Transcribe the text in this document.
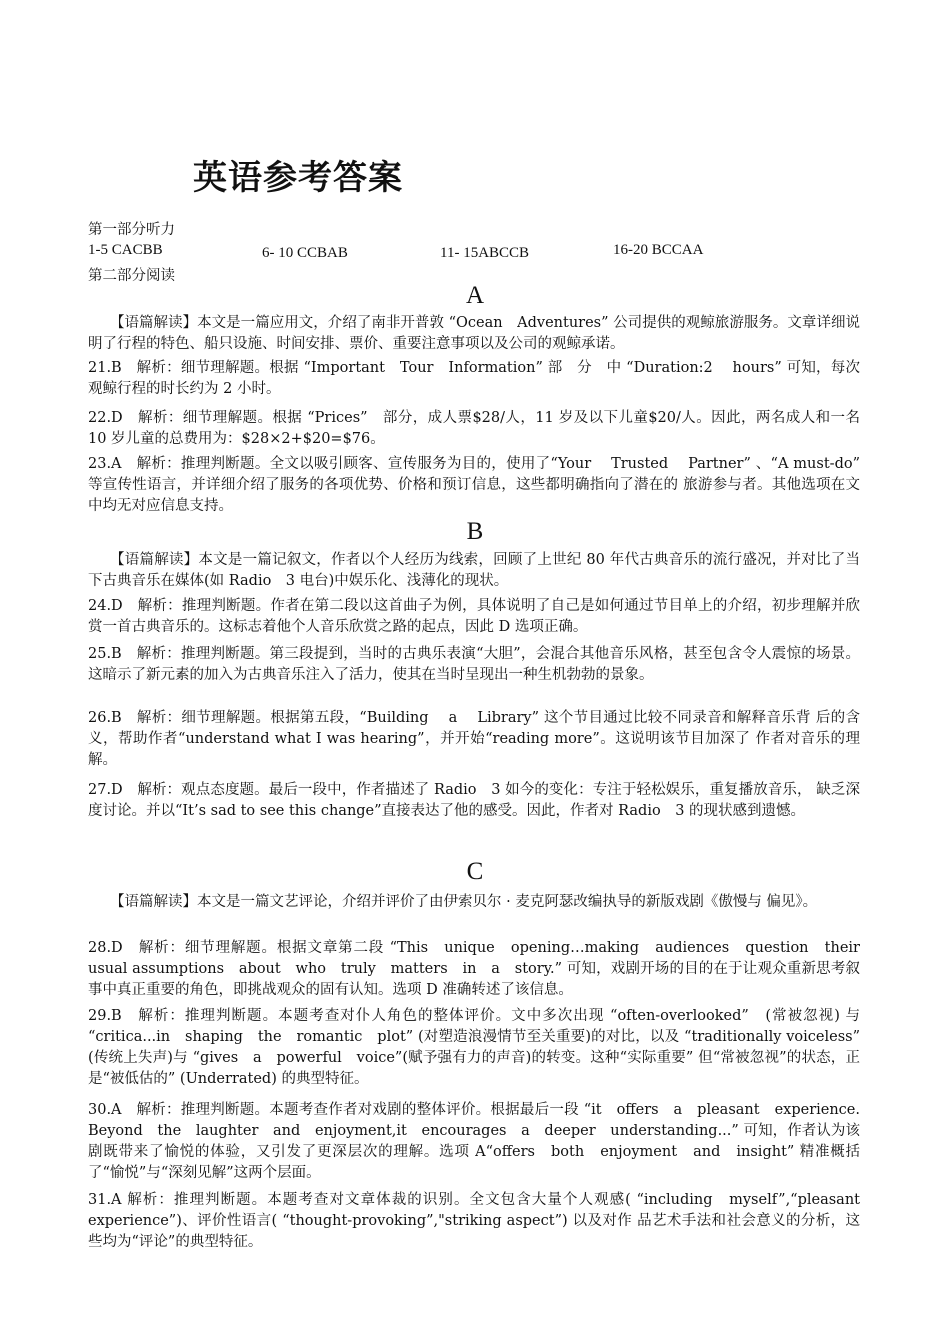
英语参考答案
第一部分听力
1-5 CACBB	6- 10 CCBAB	11- 15ABCCB	16-20 BCCAA
第二部分阅读
A
【语篇解读】本文是一篇应用文，介绍了南非开普敦 “Ocean　Adventures” 公司提供的观鲸旅游服务。文章详细说明了行程的特色、船只设施、时间安排、票价、重要注意事项以及公司的观鲸承诺。
21.B　解析：细节理解题。根据 “Important　Tour　Information” 部　分　中 “Duration:2　 hours” 可知，每次观鲸行程的时长约为 2 小时。
22.D　解析：细节理解题。根据 “Prices”　部分，成人票$28/人，11 岁及以下儿童$20/人。因此，两名成人和一名 10 岁儿童的总费用为：$28×2+$20=$76。
23.A　解析：推理判断题。全文以吸引顾客、宣传服务为目的，使用了“Your　 Trusted　 Partner” 、“A must-do” 等宣传性语言，并详细介绍了服务的各项优势、价格和预订信息，这些都明确指向了潜在的 旅游参与者。其他选项在文中均无对应信息支持。
B
【语篇解读】本文是一篇记叙文，作者以个人经历为线索，回顾了上世纪 80 年代古典音乐的流行盛况，并对比了当下古典音乐在媒体(如 Radio　3 电台)中娱乐化、浅薄化的现状。
24.D　解析：推理判断题。作者在第二段以这首曲子为例，具体说明了自己是如何通过节目单上的介绍，初步理解并欣赏一首古典音乐的。这标志着他个人音乐欣赏之路的起点，因此 D 选项正确。
25.B　解析：推理判断题。第三段提到，当时的古典乐表演“大胆”，会混合其他音乐风格，甚至包含令人震惊的场景。这暗示了新元素的加入为古典音乐注入了活力，使其在当时呈现出一种生机勃勃的景象。
26.B　解析：细节理解题。根据第五段，“Building　 a　 Library” 这个节目通过比较不同录音和解释音乐背 后的含义，帮助作者“understand what I was hearing”，并开始“reading more”。这说明该节目加深了 作者对音乐的理解。
27.D　解析：观点态度题。最后一段中，作者描述了 Radio　3 如今的变化：专注于轻松娱乐，重复播放音乐， 缺乏深度讨论。并以“It’s sad to see this change”直接表达了他的感受。因此，作者对 Radio　3 的现状感到遗憾。
C
【语篇解读】本文是一篇文艺评论，介绍并评价了由伊索贝尔 · 麦克阿瑟改编执导的新版戏剧《傲慢与 偏见》。
28.D　解析：细节理解题。根据文章第二段 “This　unique　opening…making　audiences　question　their usual assumptions　about　who　truly　matters　in　a　story.” 可知，戏剧开场的目的在于让观众重新思考叙事中真正重要的角色，即挑战观众的固有认知。选项 D 准确转述了该信息。
29.B　解析：推理判断题。本题考查对仆人角色的整体评价。文中多次出现 “often-overlooked”　(常被忽视) 与 “critica...in　shaping　the　romantic　plot” (对塑造浪漫情节至关重要)的对比，以及 “traditionally voiceless” (传统上失声)与 “gives　a　powerful　voice”(赋予强有力的声音)的转变。这种“实际重要” 但“常被忽视”的状态，正是“被低估的” (Underrated) 的典型特征。
30.A　解析：推理判断题。本题考查作者对戏剧的整体评价。根据最后一段 “it　offers　a　pleasant　experience. Beyond　the　laughter　and　enjoyment,it　encourages　a　deeper　understanding...” 可知，作者认为该剧既带来了愉悦的体验，又引发了更深层次的理解。选项 A“offers　both　enjoyment　and　insight” 精准概括了“愉悦”与“深刻见解”这两个层面。
31.A 解析：推理判断题。本题考查对文章体裁的识别。全文包含大量个人观感( “including　myself”,“pleasant　experience”)、评价性语言( “thought-provoking”,"striking aspect”) 以及对作 品艺术手法和社会意义的分析，这些均为“评论”的典型特征。
